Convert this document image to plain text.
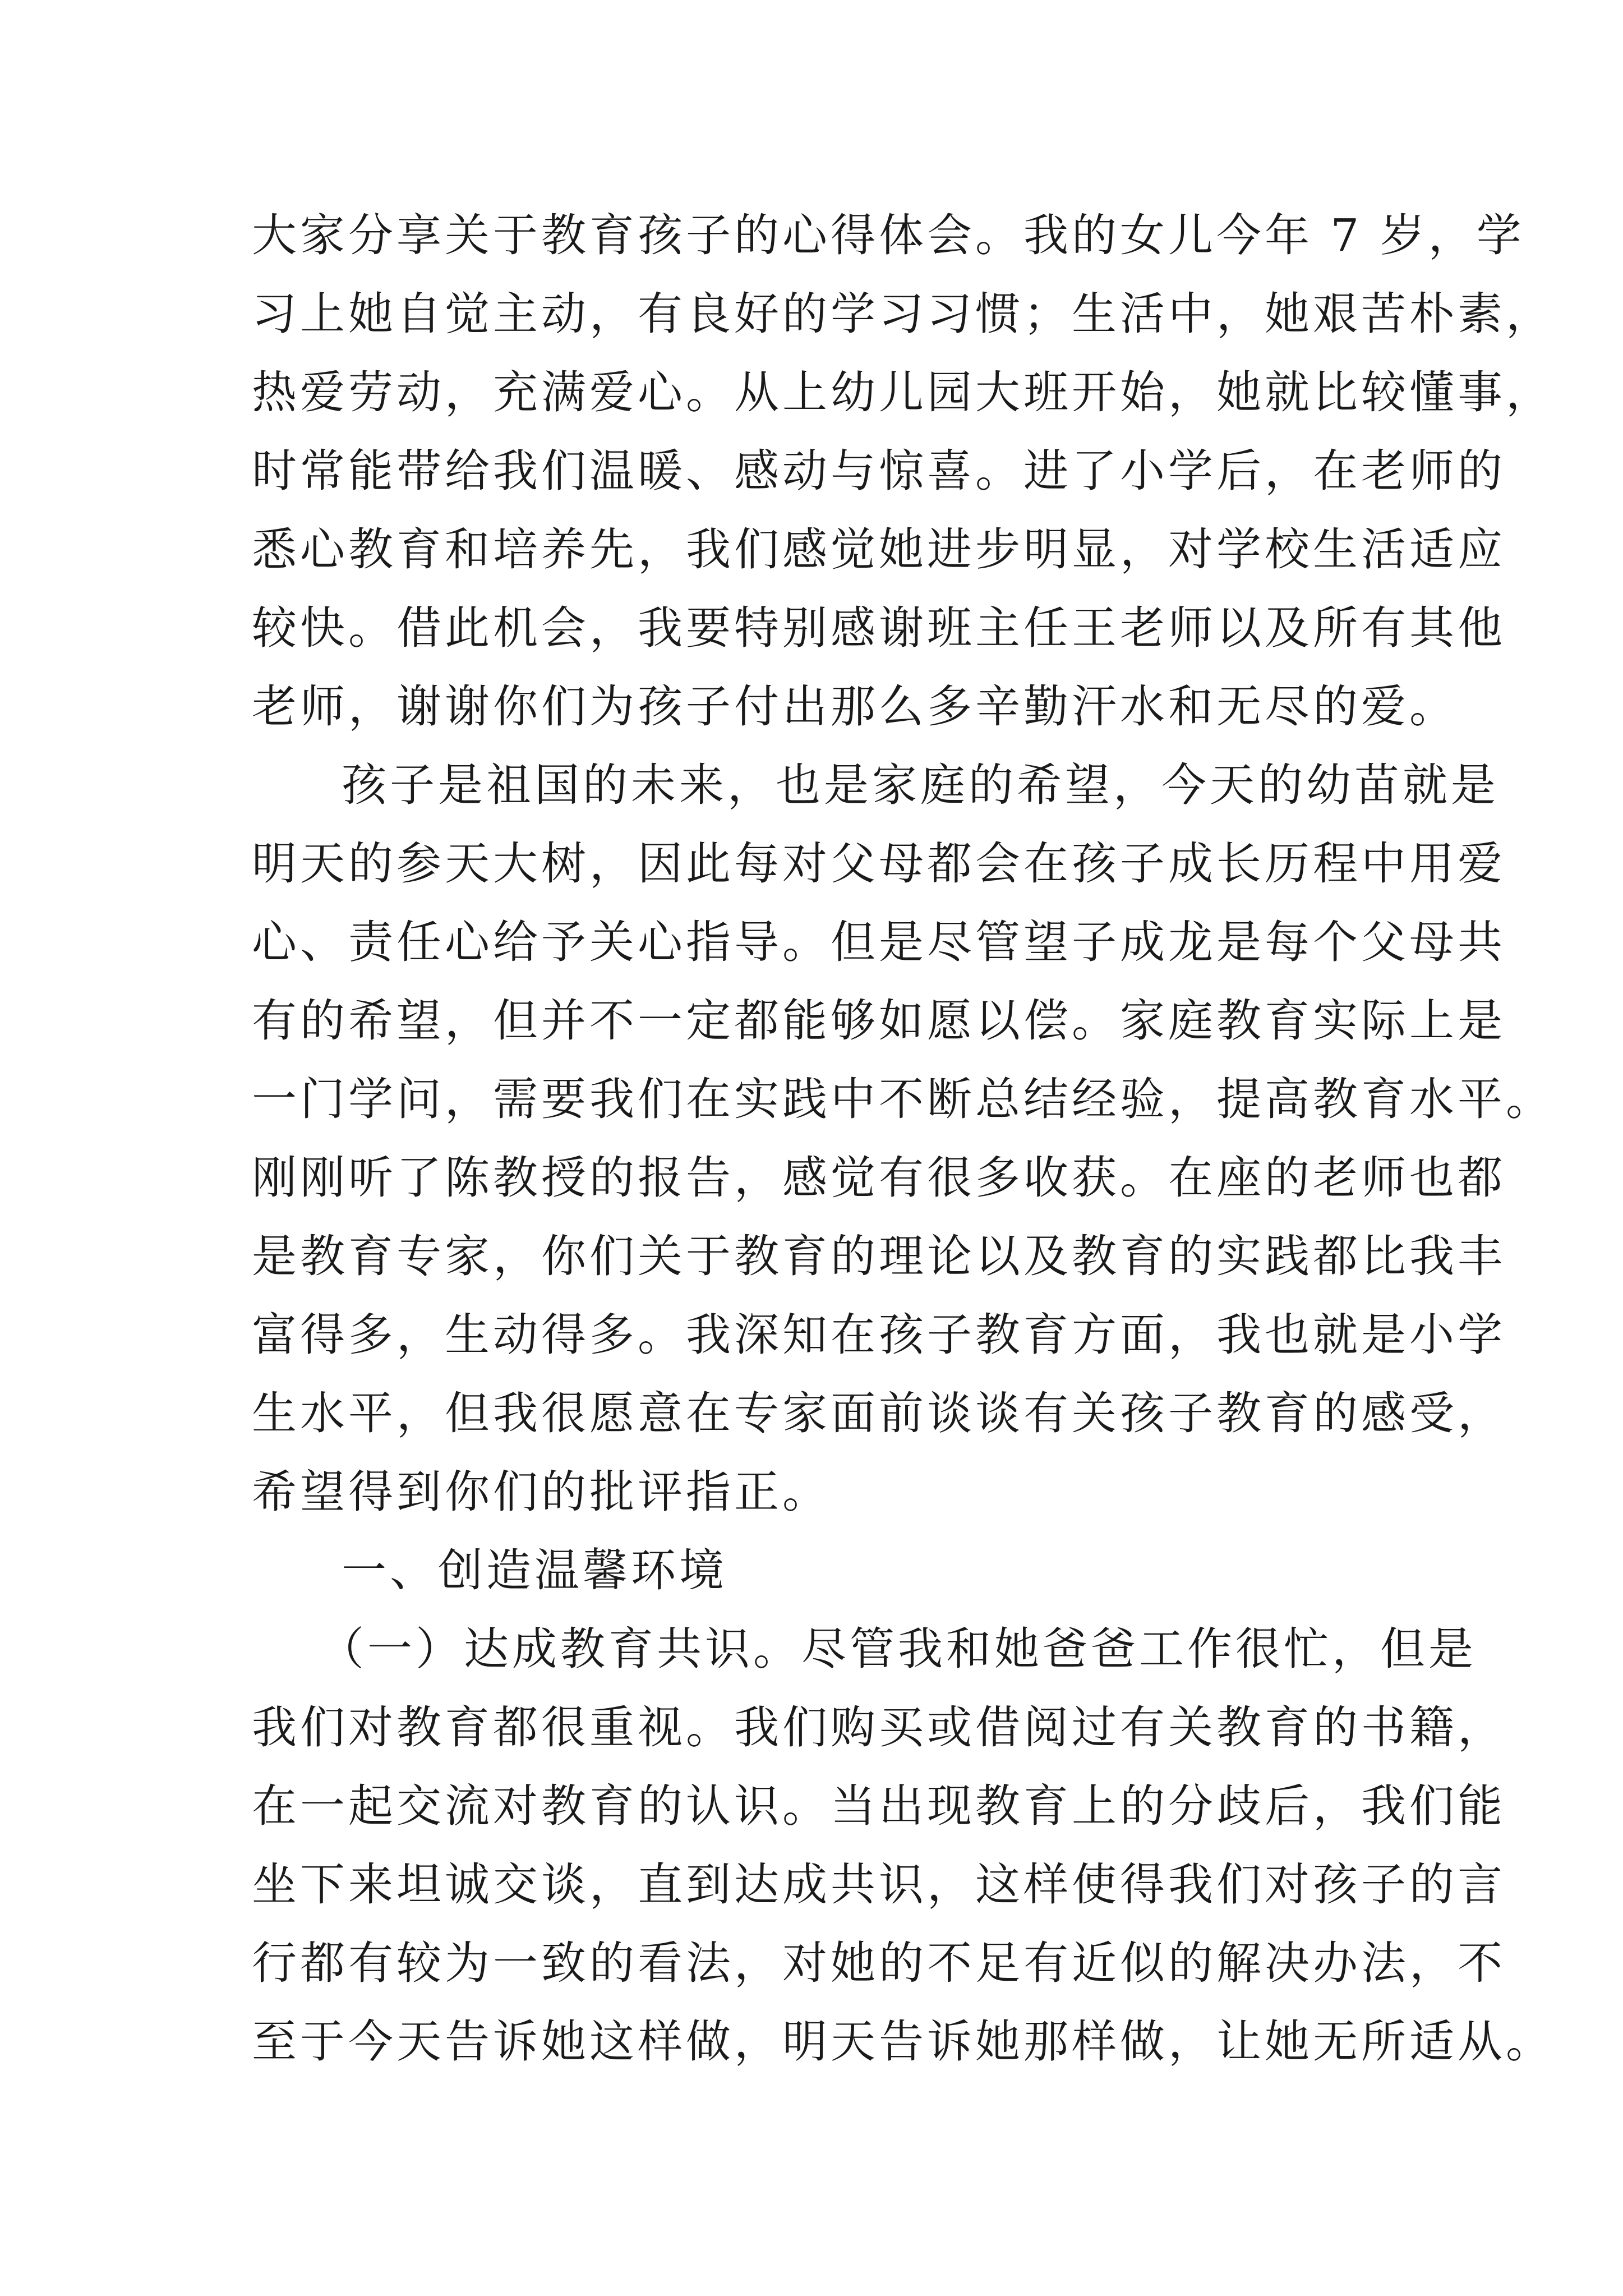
大家分享关于教育孩子的心得体会。我的女儿今年 7 岁，学
习上她自觉主动，有良好的学习习惯；生活中，她艰苦朴素，
热爱劳动，充满爱心。从上幼儿园大班开始，她就比较懂事，
时常能带给我们温暖、感动与惊喜。进了小学后，在老师的
悉心教育和培养先，我们感觉她进步明显，对学校生活适应
较快。借此机会，我要特别感谢班主任王老师以及所有其他
老师，谢谢你们为孩子付出那么多辛勤汗水和无尽的爱。
孩子是祖国的未来，也是家庭的希望，今天的幼苗就是
明天的参天大树，因此每对父母都会在孩子成长历程中用爱
心、责任心给予关心指导。但是尽管望子成龙是每个父母共
有的希望，但并不一定都能够如愿以偿。家庭教育实际上是
一门学问，需要我们在实践中不断总结经验，提高教育水平。
刚刚听了陈教授的报告，感觉有很多收获。在座的老师也都
是教育专家，你们关于教育的理论以及教育的实践都比我丰
富得多，生动得多。我深知在孩子教育方面，我也就是小学
生水平，但我很愿意在专家面前谈谈有关孩子教育的感受，
希望得到你们的批评指正。
一、创造温馨环境
（一）达成教育共识。尽管我和她爸爸工作很忙，但是
我们对教育都很重视。我们购买或借阅过有关教育的书籍，
在一起交流对教育的认识。当出现教育上的分歧后，我们能
坐下来坦诚交谈，直到达成共识，这样使得我们对孩子的言
行都有较为一致的看法，对她的不足有近似的解决办法，不
至于今天告诉她这样做，明天告诉她那样做，让她无所适从。
